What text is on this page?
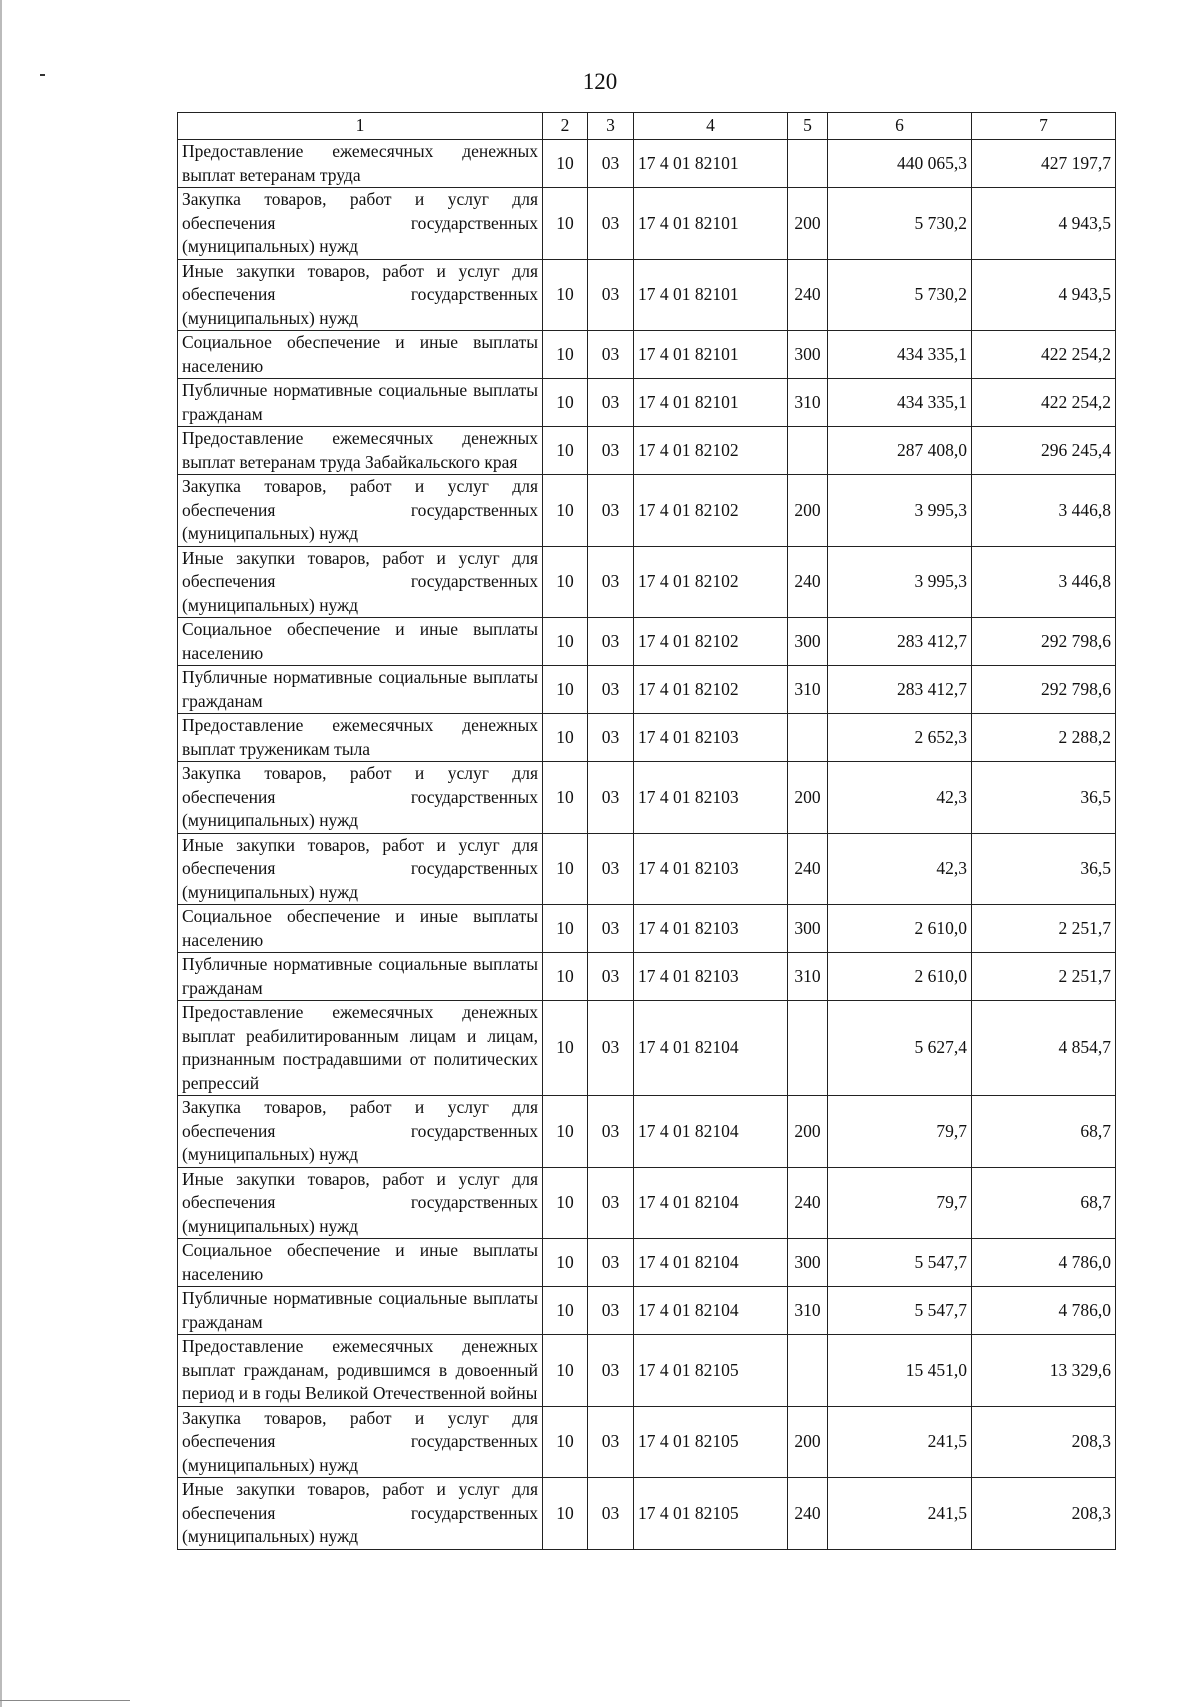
120
1	2	3	4	5	6	7
Предоставление ежемесячных денежных выплат ветеранам труда	10	03	17 4 01 82101		440 065,3	427 197,7
Закупка товаров, работ и услуг для обеспечения государственных (муниципальных) нужд	10	03	17 4 01 82101	200	5 730,2	4 943,5
Иные закупки товаров, работ и услуг для обеспечения государственных (муниципальных) нужд	10	03	17 4 01 82101	240	5 730,2	4 943,5
Социальное обеспечение и иные выплаты населению	10	03	17 4 01 82101	300	434 335,1	422 254,2
Публичные нормативные социальные выплаты гражданам	10	03	17 4 01 82101	310	434 335,1	422 254,2
Предоставление ежемесячных денежных выплат ветеранам труда Забайкальского края	10	03	17 4 01 82102		287 408,0	296 245,4
Закупка товаров, работ и услуг для обеспечения государственных (муниципальных) нужд	10	03	17 4 01 82102	200	3 995,3	3 446,8
Иные закупки товаров, работ и услуг для обеспечения государственных (муниципальных) нужд	10	03	17 4 01 82102	240	3 995,3	3 446,8
Социальное обеспечение и иные выплаты населению	10	03	17 4 01 82102	300	283 412,7	292 798,6
Публичные нормативные социальные выплаты гражданам	10	03	17 4 01 82102	310	283 412,7	292 798,6
Предоставление ежемесячных денежных выплат труженикам тыла	10	03	17 4 01 82103		2 652,3	2 288,2
Закупка товаров, работ и услуг для обеспечения государственных (муниципальных) нужд	10	03	17 4 01 82103	200	42,3	36,5
Иные закупки товаров, работ и услуг для обеспечения государственных (муниципальных) нужд	10	03	17 4 01 82103	240	42,3	36,5
Социальное обеспечение и иные выплаты населению	10	03	17 4 01 82103	300	2 610,0	2 251,7
Публичные нормативные социальные выплаты гражданам	10	03	17 4 01 82103	310	2 610,0	2 251,7
Предоставление ежемесячных денежных выплат реабилитированным лицам и лицам, признанным пострадавшими от политических репрессий	10	03	17 4 01 82104		5 627,4	4 854,7
Закупка товаров, работ и услуг для обеспечения государственных (муниципальных) нужд	10	03	17 4 01 82104	200	79,7	68,7
Иные закупки товаров, работ и услуг для обеспечения государственных (муниципальных) нужд	10	03	17 4 01 82104	240	79,7	68,7
Социальное обеспечение и иные выплаты населению	10	03	17 4 01 82104	300	5 547,7	4 786,0
Публичные нормативные социальные выплаты гражданам	10	03	17 4 01 82104	310	5 547,7	4 786,0
Предоставление ежемесячных денежных выплат гражданам, родившимся в довоенный период и в годы Великой Отечественной войны	10	03	17 4 01 82105		15 451,0	13 329,6
Закупка товаров, работ и услуг для обеспечения государственных (муниципальных) нужд	10	03	17 4 01 82105	200	241,5	208,3
Иные закупки товаров, работ и услуг для обеспечения государственных (муниципальных) нужд	10	03	17 4 01 82105	240	241,5	208,3
